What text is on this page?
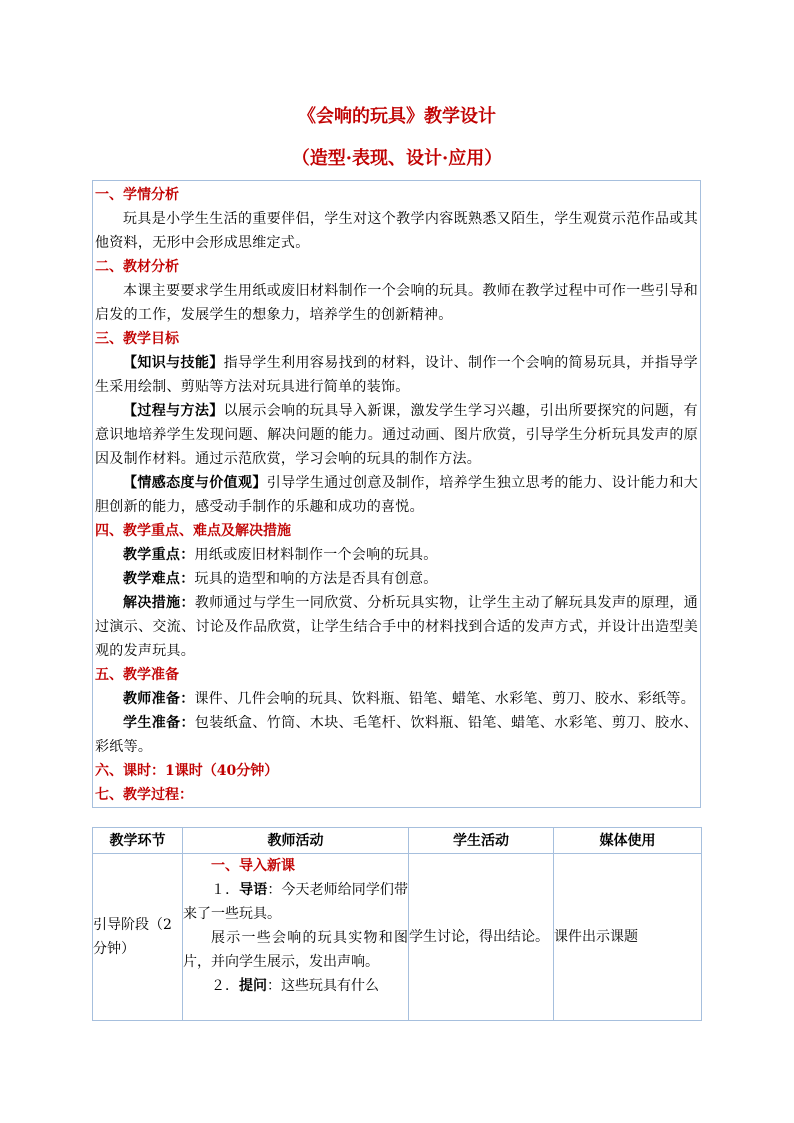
《会响的玩具》教学设计
（造型·表现、设计·应用）

一、学情分析

玩具是小学生生活的重要伴侣，学生对这个教学内容既熟悉又陌生，学生观赏示范作品或其他资料，无形中会形成思维定式。

二、教材分析

本课主要要求学生用纸或废旧材料制作一个会响的玩具。教师在教学过程中可作一些引导和启发的工作，发展学生的想象力，培养学生的创新精神。

三、教学目标

【知识与技能】指导学生利用容易找到的材料，设计、制作一个会响的简易玩具，并指导学生采用绘制、剪贴等方法对玩具进行简单的装饰。

【过程与方法】以展示会响的玩具导入新课，激发学生学习兴趣，引出所要探究的问题，有意识地培养学生发现问题、解决问题的能力。通过动画、图片欣赏，引导学生分析玩具发声的原因及制作材料。通过示范欣赏，学习会响的玩具的制作方法。

【情感态度与价值观】引导学生通过创意及制作，培养学生独立思考的能力、设计能力和大胆创新的能力，感受动手制作的乐趣和成功的喜悦。

四、教学重点、难点及解决措施

教学重点：用纸或废旧材料制作一个会响的玩具。

教学难点：玩具的造型和响的方法是否具有创意。

解决措施：教师通过与学生一同欣赏、分析玩具实物，让学生主动了解玩具发声的原理，通过演示、交流、讨论及作品欣赏，让学生结合手中的材料找到合适的发声方式，并设计出造型美观的发声玩具。

五、教学准备

教师准备：课件、几件会响的玩具、饮料瓶、铅笔、蜡笔、水彩笔、剪刀、胶水、彩纸等。

学生准备：包装纸盒、竹筒、木块、毛笔杆、饮料瓶、铅笔、蜡笔、水彩笔、剪刀、胶水、彩纸等。

六、课时：1课时（40分钟）

七、教学过程：

教学环节	教师活动	学生活动	媒体使用
引导阶段（2分钟）	一、导入新课

１．导语：今天老师给同学们带来了一些玩具。

展示一些会响的玩具实物和图片，并向学生展示，发出声响。

２．提问：这些玩具有什么	学生讨论，得出结论。	课件出示课题
